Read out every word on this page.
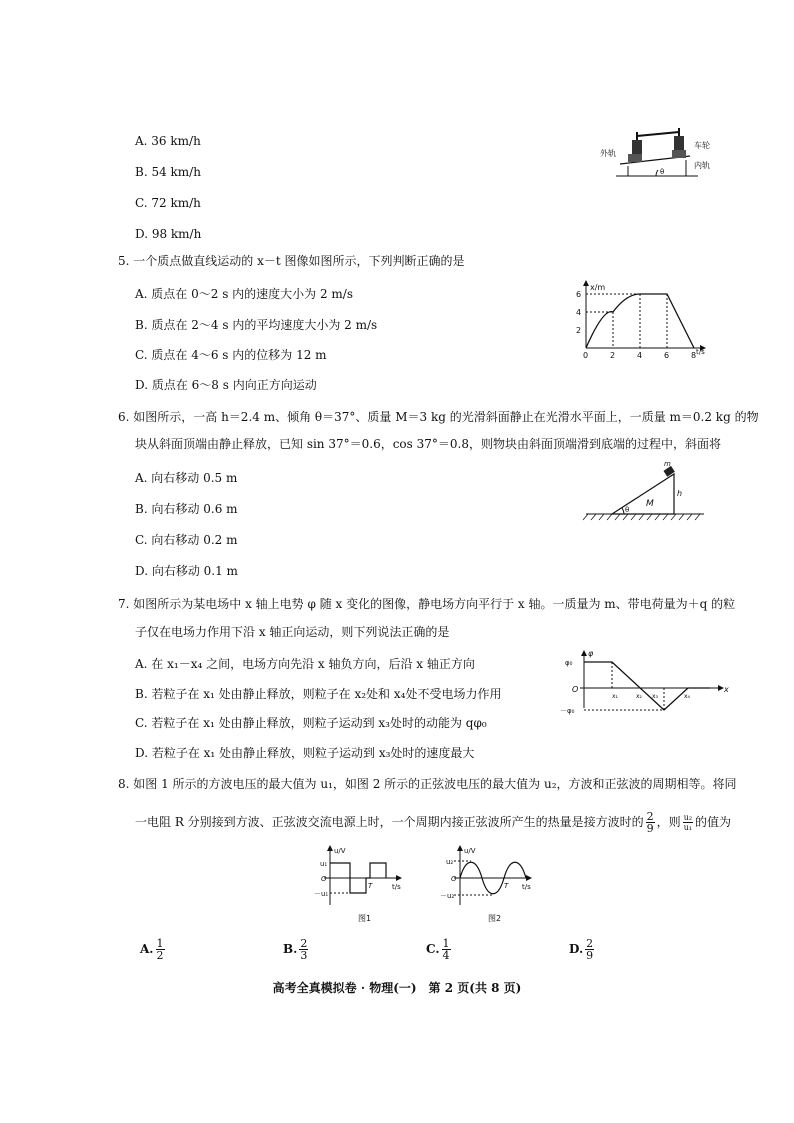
A. 36 km/h
B. 54 km/h
C. 72 km/h
D. 98 km/h
外轨
车轮
内轨
θ
5. 一个质点做直线运动的 x－t 图像如图所示，下列判断正确的是
A. 质点在 0～2 s 内的速度大小为 2 m/s
B. 质点在 2～4 s 内的平均速度大小为 2 m/s
C. 质点在 4～6 s 内的位移为 12 m
D. 质点在 6～8 s 内向正方向运动
0	2	4	6	8
2
4
6
x/m
t/s
6. 如图所示，一高 h＝2.4 m、倾角 θ＝37°、质量 M＝3 kg 的光滑斜面静止在光滑水平面上，一质量 m＝0.2 kg 的物
块从斜面顶端由静止释放，已知 sin 37°＝0.6，cos 37°＝0.8，则物块由斜面顶端滑到底端的过程中，斜面将
A. 向右移动 0.5 m
B. 向右移动 0.6 m
C. 向右移动 0.2 m
D. 向右移动 0.1 m
θ
M
m
h
7. 如图所示为某电场中 x 轴上电势 φ 随 x 变化的图像，静电场方向平行于 x 轴。一质量为 m、带电荷量为＋q 的粒
子仅在电场力作用下沿 x 轴正向运动，则下列说法正确的是
A. 在 x₁－x₄ 之间，电场方向先沿 x 轴负方向，后沿 x 轴正方向
B. 若粒子在 x₁ 处由静止释放，则粒子在 x₂处和 x₄处不受电场力作用
C. 若粒子在 x₁ 处由静止释放，则粒子运动到 x₃处时的动能为 qφ₀
D. 若粒子在 x₁ 处由静止释放，则粒子运动到 x₃处时的速度最大
φ
x
O
φ₀
－φ₀
x₁	x₂ x₃	x₄
8. 如图 1 所示的方波电压的最大值为 u₁，如图 2 所示的正弦波电压的最大值为 u₂，方波和正弦波的周期相等。将同
一电阻 R 分别接到方波、正弦波交流电源上时，一个周期内接正弦波所产生的热量是接方波时的 $\frac{2}{9}$ ，则 $\frac{\text{u₂}}{\text{u₁}}$ 的值为
u/V
t/s
u₁
－u₁
O
T
图1
u/V
t/s
u₂
－u₂
O
T
图2
A. $\frac{1}{2}$	B. $\frac{2}{3}$	C. $\frac{1}{4}$	D. $\frac{2}{9}$
高考全真模拟卷 · 物理(一)　第 2 页(共 8 页)
